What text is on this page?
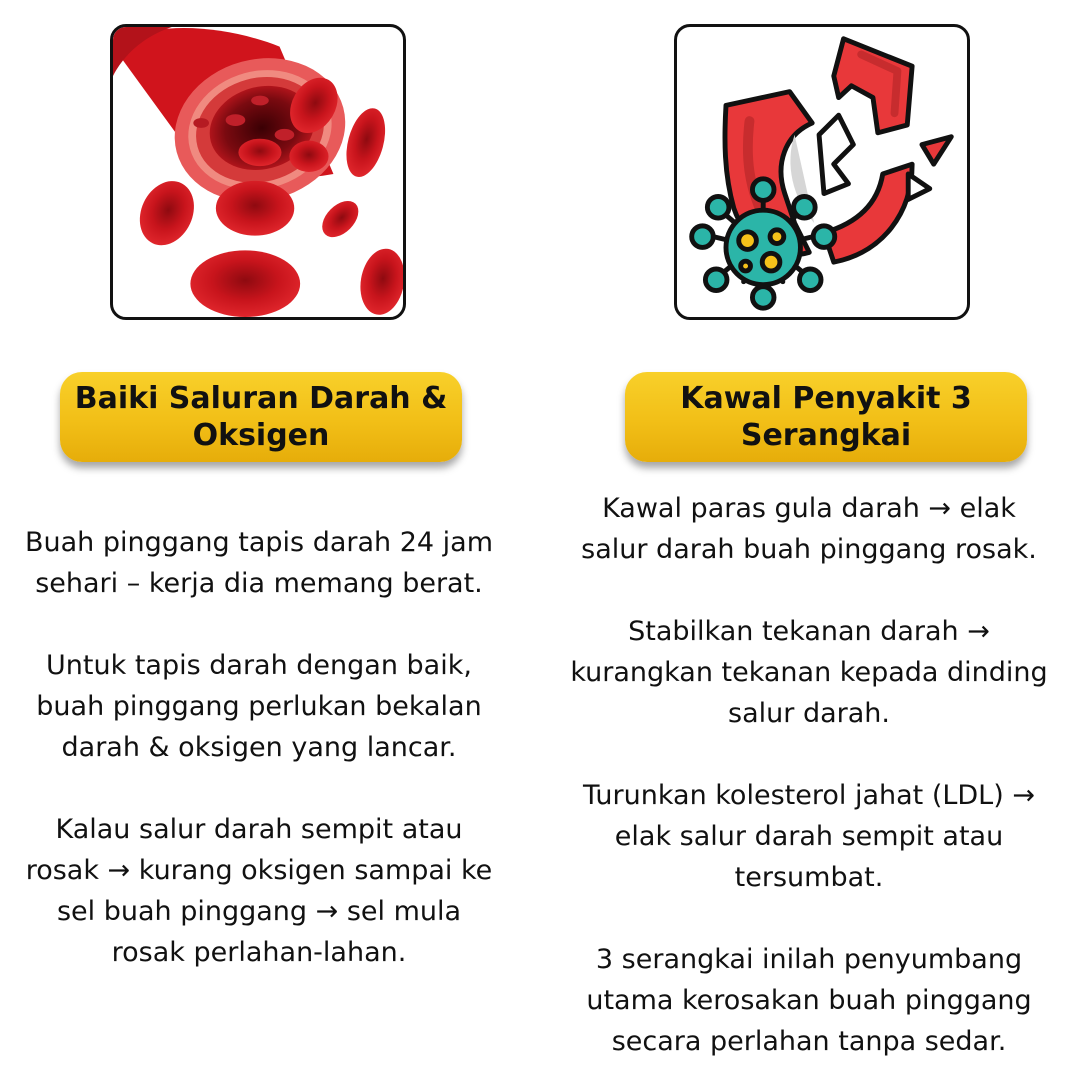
Baiki Saluran Darah & Oksigen
Kawal Penyakit 3 Serangkai
Buah pinggang tapis darah 24 jam sehari – kerja dia memang berat.
Untuk tapis darah dengan baik, buah pinggang perlukan bekalan darah & oksigen yang lancar.
Kalau salur darah sempit atau rosak → kurang oksigen sampai ke sel buah pinggang → sel mula rosak perlahan-lahan.
Kawal paras gula darah → elak salur darah buah pinggang rosak.
Stabilkan tekanan darah → kurangkan tekanan kepada dinding salur darah.
Turunkan kolesterol jahat (LDL) → elak salur darah sempit atau tersumbat.
3 serangkai inilah penyumbang utama kerosakan buah pinggang secara perlahan tanpa sedar.
